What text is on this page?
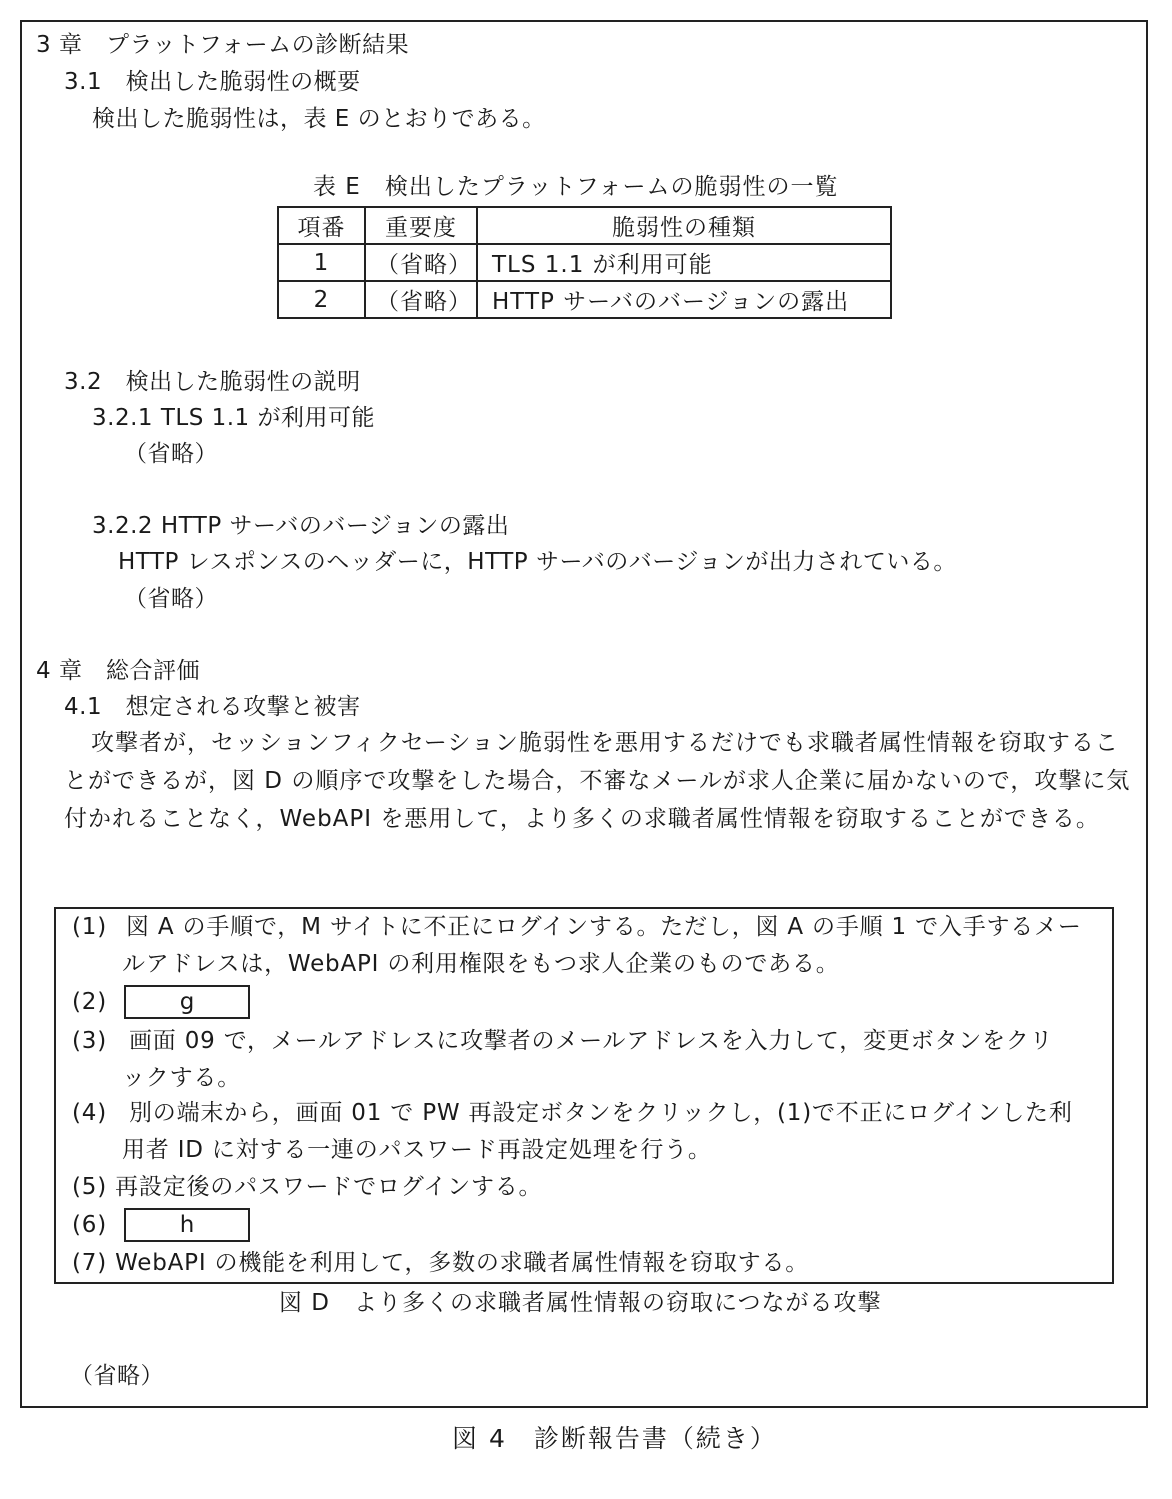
3 章　プラットフォームの診断結果
3.1　検出した脆弱性の概要
検出した脆弱性は，表 E のとおりである。
表 E　検出したプラットフォームの脆弱性の一覧
項番	重要度	脆弱性の種類
1	（省略）	TLS 1.1 が利用可能
2	（省略）	HTTP サーバのバージョンの露出
3.2　検出した脆弱性の説明
3.2.1 TLS 1.1 が利用可能
（省略）
3.2.2 HTTP サーバのバージョンの露出
HTTP レスポンスのヘッダーに，HTTP サーバのバージョンが出力されている。
（省略）
4 章　総合評価
4.1　想定される攻撃と被害
攻撃者が，セッションフィクセーション脆弱性を悪用するだけでも求職者属性情報を窃取することができるが，図 D の順序で攻撃をした場合，不審なメールが求人企業に届かないので，攻撃に気付かれることなく，WebAPI を悪用して，より多くの求職者属性情報を窃取することができる。
(1) 図 A の手順で，M サイトに不正にログインする。ただし，図 A の手順 1 で入手するメー
ルアドレスは，WebAPI の利用権限をもつ求人企業のものである。
(2)	g
(3) 画面 09 で，メールアドレスに攻撃者のメールアドレスを入力して，変更ボタンをクリ
ックする。
(4) 別の端末から，画面 01 で PW 再設定ボタンをクリックし，(1)で不正にログインした利
用者 ID に対する一連のパスワード再設定処理を行う。
(5) 再設定後のパスワードでログインする。
(6)	h
(7) WebAPI の機能を利用して，多数の求職者属性情報を窃取する。
図 D　より多くの求職者属性情報の窃取につながる攻撃
（省略）
図 4　診断報告書（続き）
